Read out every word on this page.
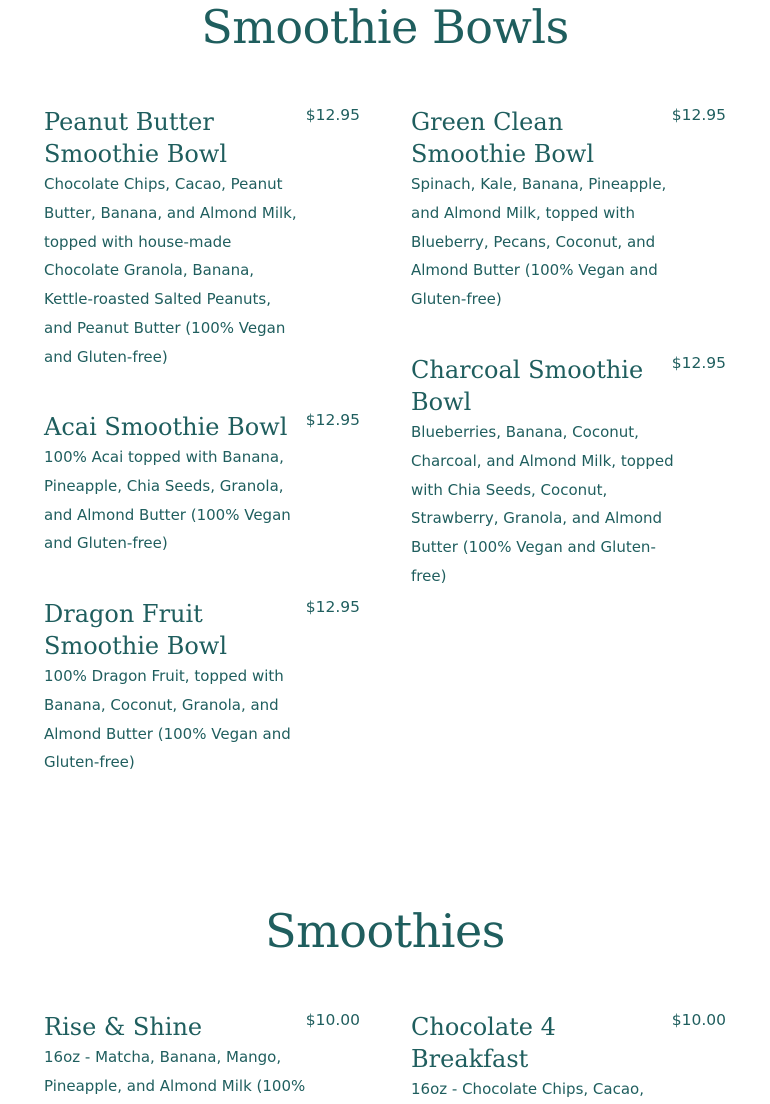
Smoothie Bowls
Peanut Butter Smoothie Bowl
$12.95

Chocolate Chips, Cacao, Peanut Butter, Banana, and Almond Milk, topped with house-made Chocolate Granola, Banana, Kettle-roasted Salted Peanuts, and Peanut Butter (100% Vegan and Gluten-free)

Green Clean Smoothie Bowl
$12.95

Spinach, Kale, Banana, Pineapple, and Almond Milk, topped with Blueberry, Pecans, Coconut, and Almond Butter (100% Vegan and Gluten-free)

Acai Smoothie Bowl	$12.95

100% Acai topped with Banana, Pineapple, Chia Seeds, Granola, and Almond Butter (100% Vegan and Gluten-free)

Charcoal Smoothie Bowl
$12.95

Blueberries, Banana, Coconut, Charcoal, and Almond Milk, topped with Chia Seeds, Coconut, Strawberry, Granola, and Almond Butter (100% Vegan and Gluten-free)

Dragon Fruit Smoothie Bowl
$12.95

100% Dragon Fruit, topped with Banana, Coconut, Granola, and Almond Butter (100% Vegan and Gluten-free)

Smoothies
Rise & Shine	$10.00

16oz - Matcha, Banana, Mango, Pineapple, and Almond Milk (100%

Chocolate 4 Breakfast
$10.00

16oz - Chocolate Chips, Cacao,
